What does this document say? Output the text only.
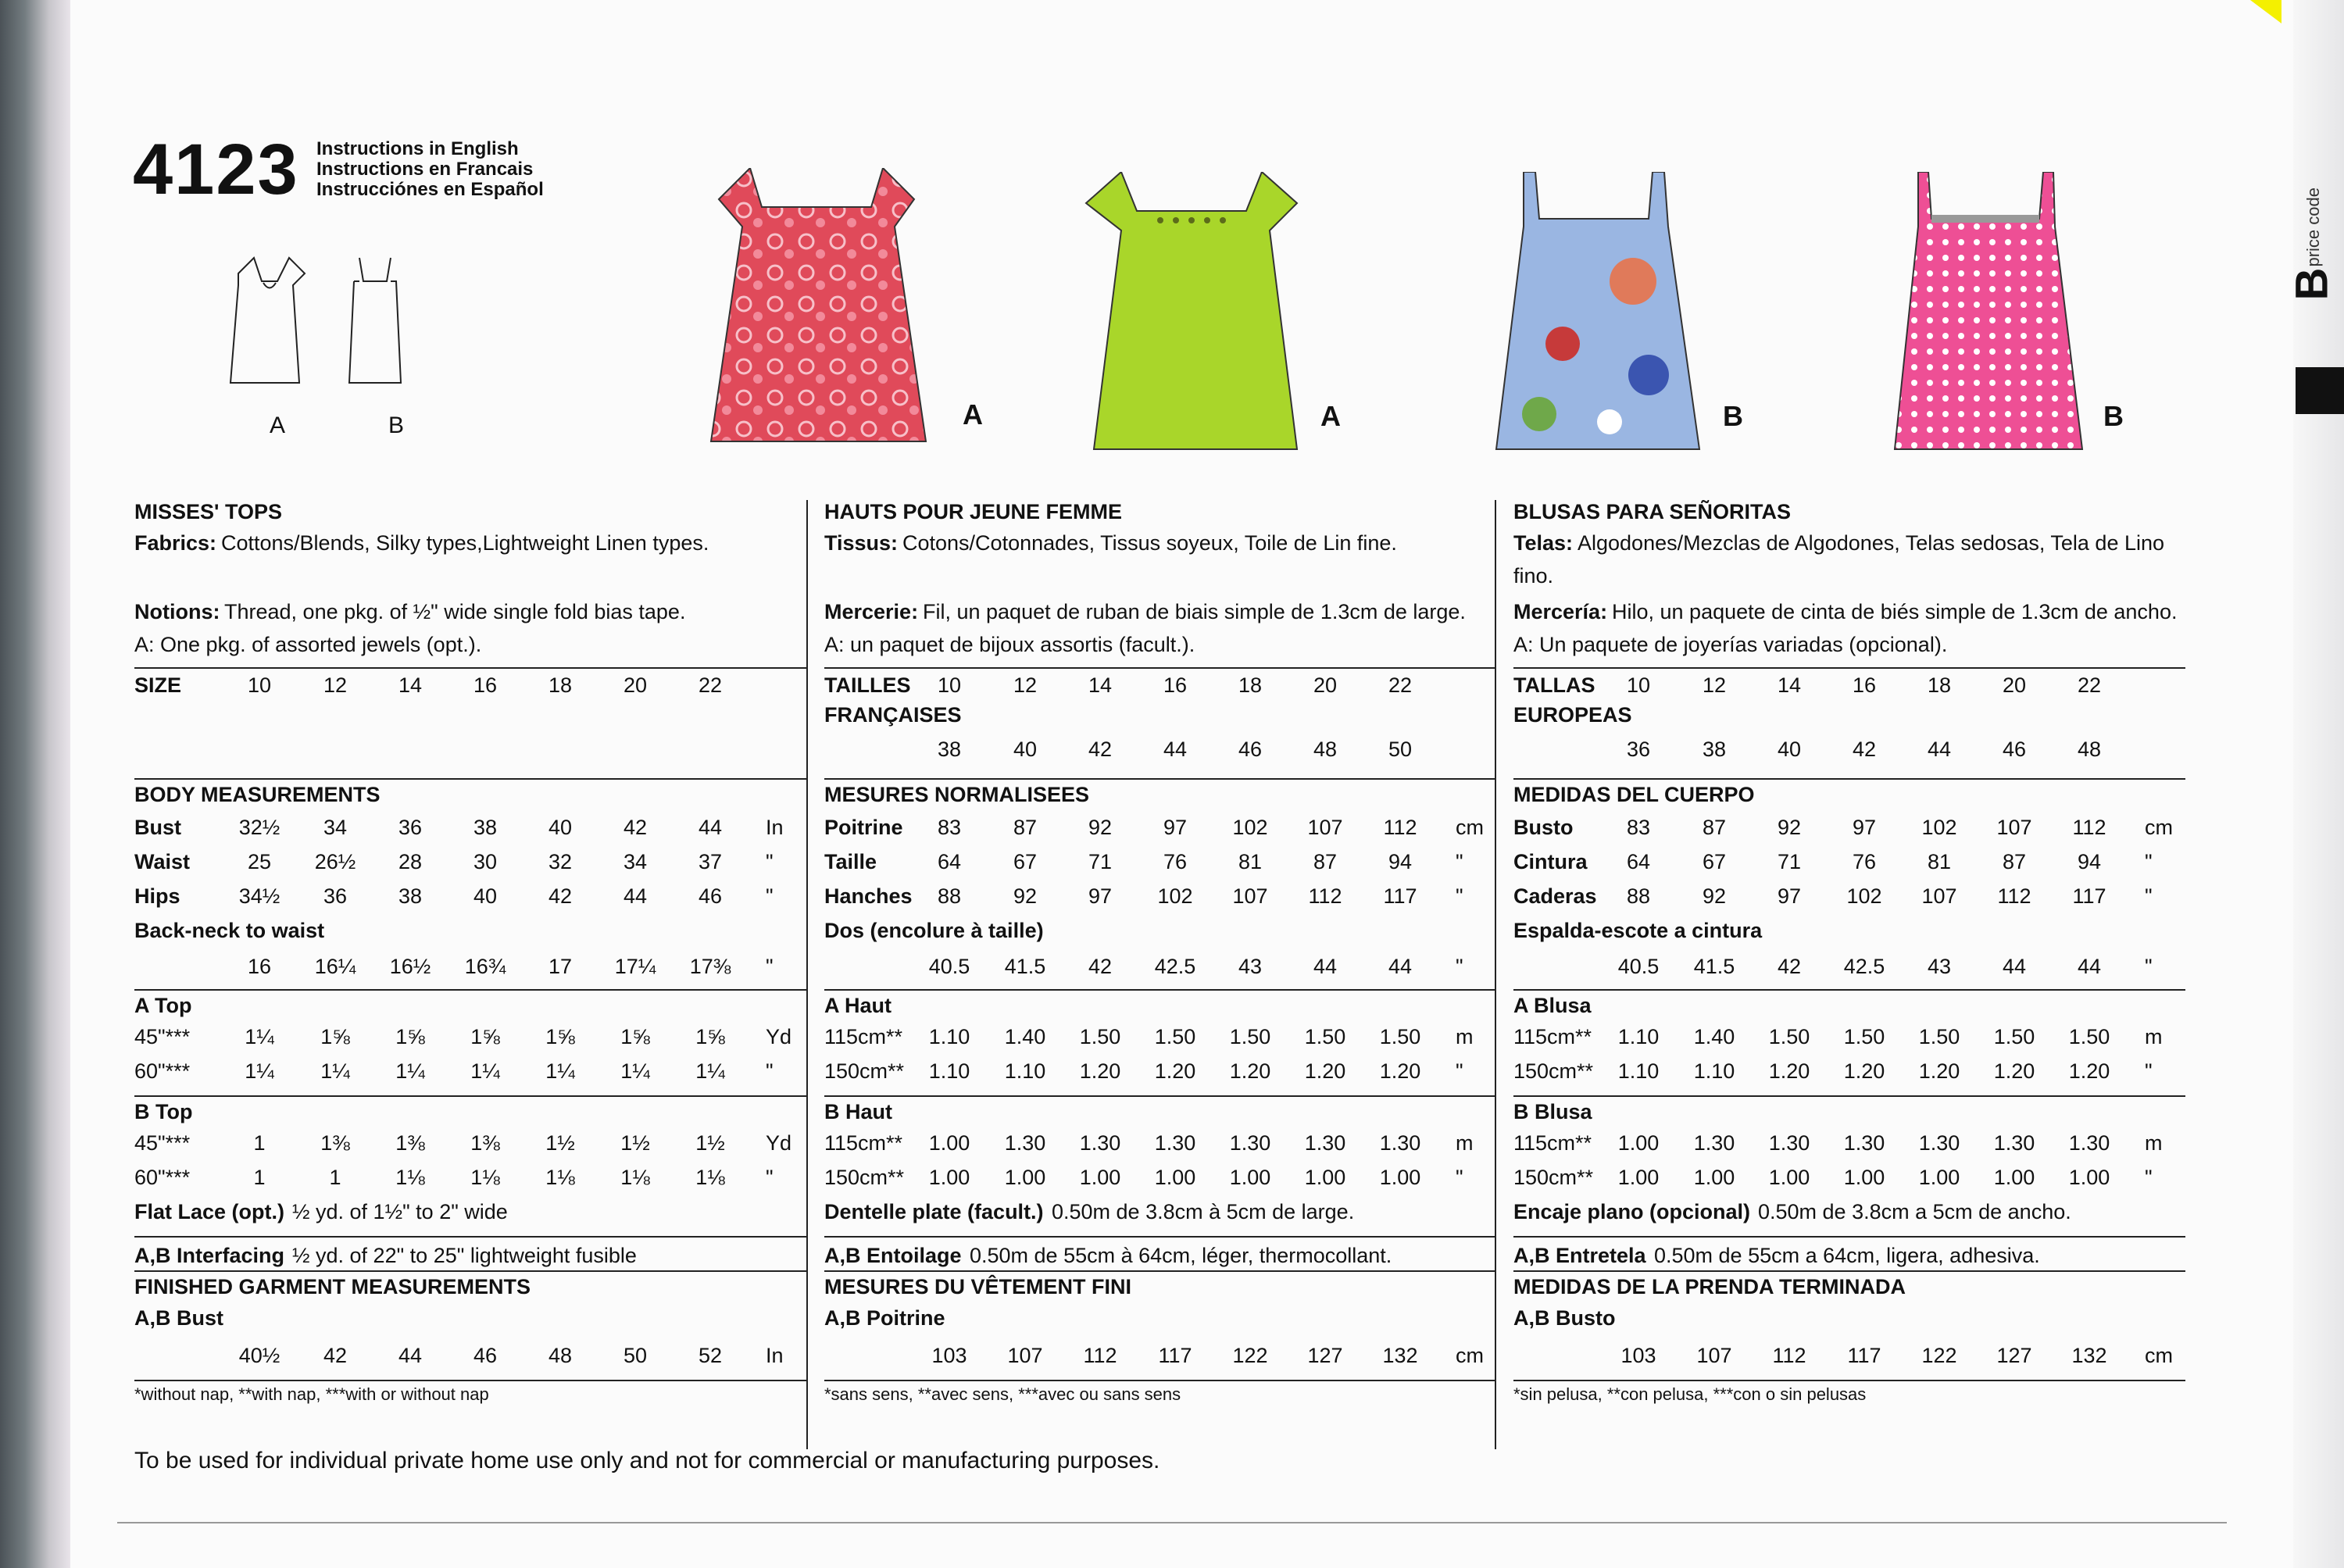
4123 Instructions in English
Instructions en Francais
Instrucciónes en Español
A	B	A	A	B	B
price code
B
MISSES' TOPS
Fabrics: Cottons/Blends, Silky types,Lightweight Linen types.
Notions: Thread, one pkg. of ½" wide single fold bias tape.
A: One pkg. of assorted jewels (opt.).
SIZE	10	12	14	16	18	20	22
BODY MEASUREMENTS
Bust	32½	34	36	38	40	42	44	In
Waist	25	26½	28	30	32	34	37	"
Hips	34½	36	38	40	42	44	46	"
Back-neck to waist
16	16¼	16½	16¾	17	17¼	17⅜	"
A Top
45"***	1¼	1⅝	1⅝	1⅝	1⅝	1⅝	1⅝	Yd
60"***	1¼	1¼	1¼	1¼	1¼	1¼	1¼	"
B Top
45"***	1	1⅜	1⅜	1⅜	1½	1½	1½	Yd
60"***	1	1	1⅛	1⅛	1⅛	1⅛	1⅛	"
Flat Lace (opt.) ½ yd. of 1½" to 2" wide
A,B Interfacing ½ yd. of 22" to 25" lightweight fusible
FINISHED GARMENT MEASUREMENTS
A,B Bust
40½	42	44	46	48	50	52	In
*without nap, **with nap, ***with or without nap
HAUTS POUR JEUNE FEMME
Tissus: Cotons/Cotonnades, Tissus soyeux, Toile de Lin fine.
Mercerie: Fil, un paquet de ruban de biais simple de 1.3cm de large.
A: un paquet de bijoux assortis (facult.).
TAILLES	10	12	14	16	18	20	22
FRANÇAISES
38	40	42	44	46	48	50
MESURES NORMALISEES
Poitrine	83	87	92	97	102	107	112	cm
Taille	64	67	71	76	81	87	94	"
Hanches	88	92	97	102	107	112	117	"
Dos (encolure à taille)
40.5	41.5	42	42.5	43	44	44	"
A Haut
115cm**	1.10	1.40	1.50	1.50	1.50	1.50	1.50	m
150cm**	1.10	1.10	1.20	1.20	1.20	1.20	1.20	"
B Haut
115cm**	1.00	1.30	1.30	1.30	1.30	1.30	1.30	m
150cm**	1.00	1.00	1.00	1.00	1.00	1.00	1.00	"
Dentelle plate (facult.) 0.50m de 3.8cm à 5cm de large.
A,B Entoilage 0.50m de 55cm à 64cm, léger, thermocollant.
MESURES DU VÊTEMENT FINI
A,B Poitrine
103	107	112	117	122	127	132	cm
*sans sens, **avec sens, ***avec ou sans sens
BLUSAS PARA SEÑORITAS
Telas: Algodones/Mezclas de Algodones, Telas sedosas, Tela de Lino
fino.
Mercería: Hilo, un paquete de cinta de biés simple de 1.3cm de ancho.
A: Un paquete de joyerías variadas (opcional).
TALLAS	10	12	14	16	18	20	22
EUROPEAS
36	38	40	42	44	46	48
MEDIDAS DEL CUERPO
Busto	83	87	92	97	102	107	112	cm
Cintura	64	67	71	76	81	87	94	"
Caderas	88	92	97	102	107	112	117	"
Espalda-escote a cintura
40.5	41.5	42	42.5	43	44	44	"
A Blusa
115cm**	1.10	1.40	1.50	1.50	1.50	1.50	1.50	m
150cm**	1.10	1.10	1.20	1.20	1.20	1.20	1.20	"
B Blusa
115cm**	1.00	1.30	1.30	1.30	1.30	1.30	1.30	m
150cm**	1.00	1.00	1.00	1.00	1.00	1.00	1.00	"
Encaje plano (opcional) 0.50m de 3.8cm a 5cm de ancho.
A,B Entretela 0.50m de 55cm a 64cm, ligera, adhesiva.
MEDIDAS DE LA PRENDA TERMINADA
A,B Busto
103	107	112	117	122	127	132	cm
*sin pelusa, **con pelusa, ***con o sin pelusas
To be used for individual private home use only and not for commercial or manufacturing purposes.
